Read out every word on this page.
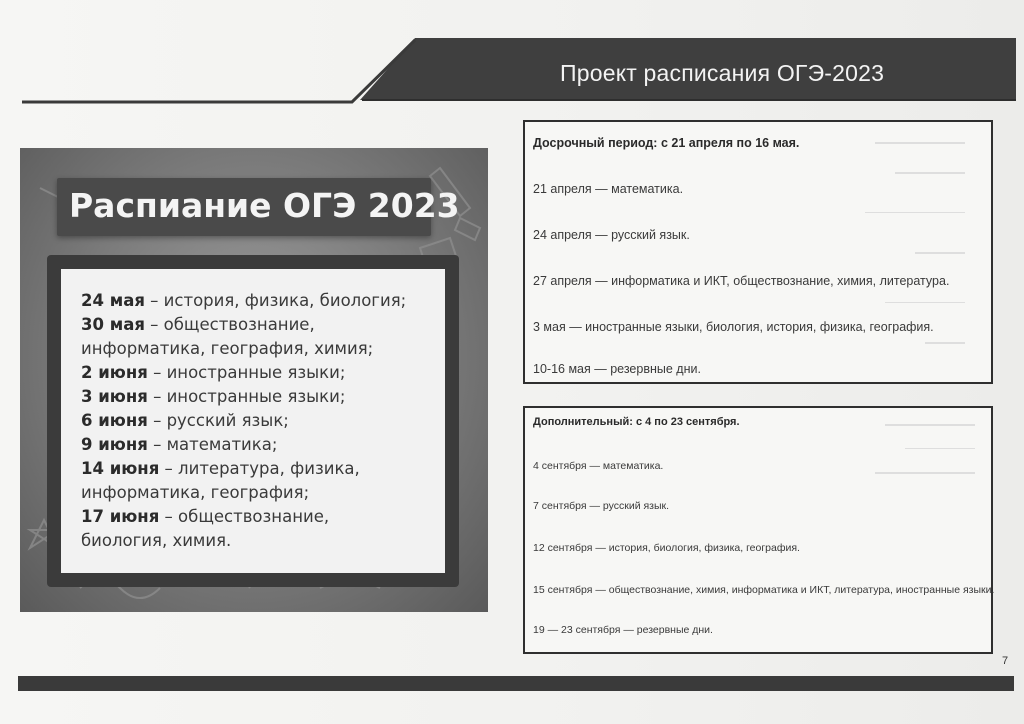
Проект расписания ОГЭ-2023
Распиание ОГЭ 2023
24 мая – история, физика, биология;
30 мая – обществознание,
информатика, география, химия;
2 июня – иностранные языки;
3 июня – иностранные языки;
6 июня – русский язык;
9 июня – математика;
14 июня – литература, физика,
информатика, география;
17 июня – обществознание,
биология, химия.
Досрочный период: с 21 апреля по 16 мая.
21 апреля — математика.
24 апреля — русский язык.
27 апреля — информатика и ИКТ, обществознание, химия, литература.
3 мая — иностранные языки, биология, история, физика, география.
10-16 мая — резервные дни.
Дополнительный: с 4 по 23 сентября.
4 сентября — математика.
7 сентября — русский язык.
12 сентября — история, биология, физика, география.
15 сентября — обществознание, химия, информатика и ИКТ, литература, иностранные языки.
19 — 23 сентября — резервные дни.
7
